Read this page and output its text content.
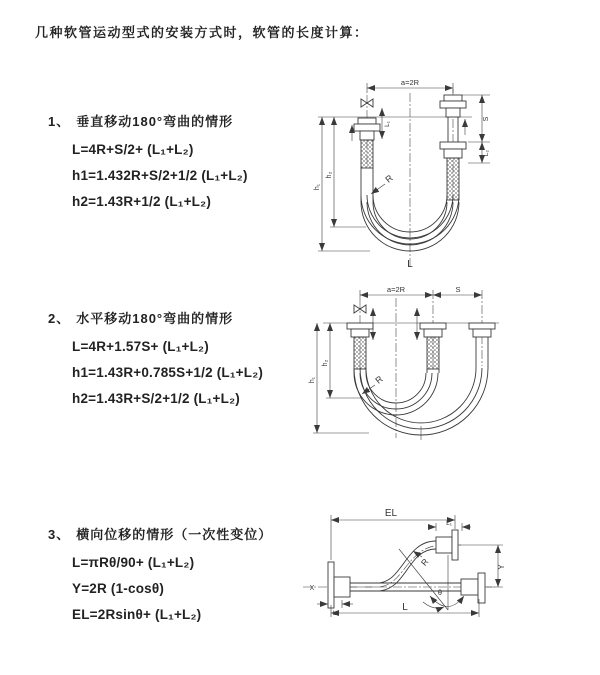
几种软管运动型式的安装方式时，软管的长度计算：
1、 垂直移动180°弯曲的情形
L=4R+S/2+ (L₁+L₂)
h1=1.432R+S/2+1/2 (L₁+L₂)
h2=1.43R+1/2 (L₁+L₂)
a=2R
h₁
h₂
L₁
S
L₂
R
L
2、 水平移动180°弯曲的情形
L=4R+1.57S+ (L₁+L₂)
h1=1.43R+0.785S+1/2 (L₁+L₂)
h2=1.43R+S/2+1/2 (L₁+L₂)
a=2R	S
h₁
h₂
R
3、 横向位移的情形（一次性变位）
L=πRθ/90+ (L₁+L₂)
Y=2R (1-cosθ)
EL=2Rsinθ+ (L₁+L₂)
EL
L₁
Y
R
θ
L
L₂
X
